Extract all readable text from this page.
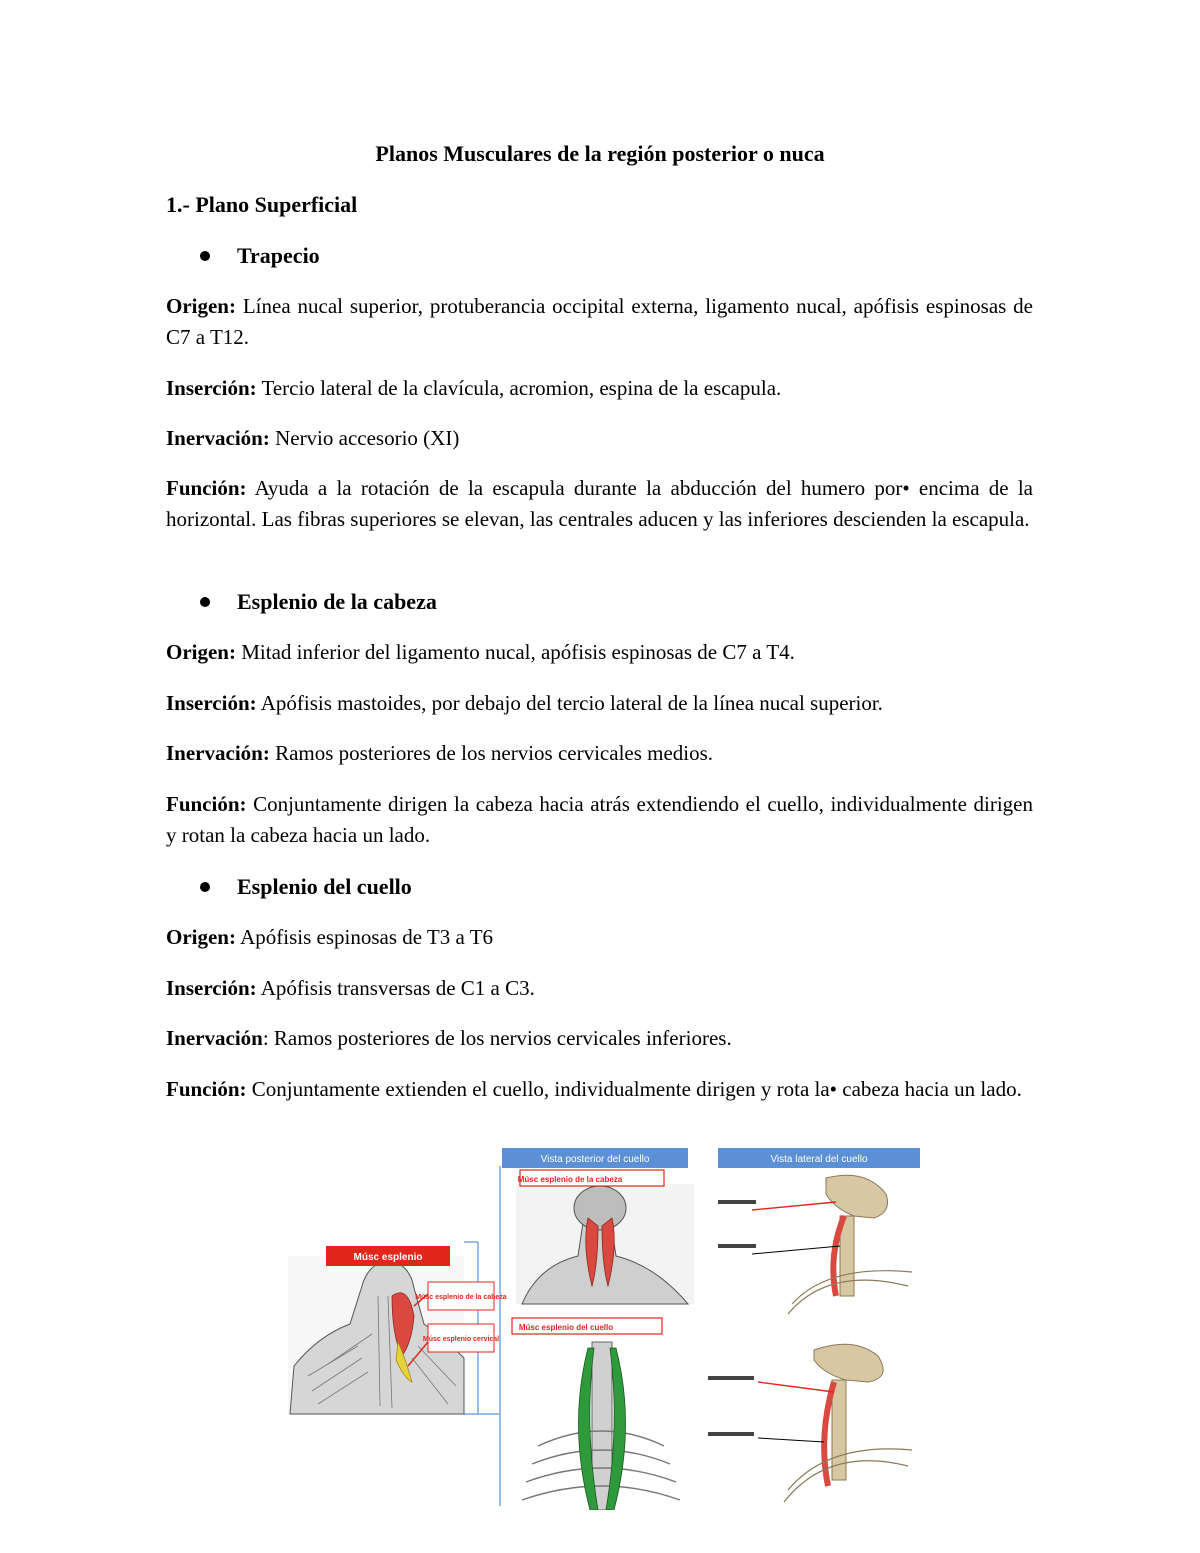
Planos Musculares de la región posterior o nuca
1.- Plano Superficial
Trapecio
Origen: Línea nucal superior, protuberancia occipital externa, ligamento nucal, apófisis espinosas de C7 a T12.
Inserción: Tercio lateral de la clavícula, acromion, espina de la escapula.
Inervación: Nervio accesorio (XI)
Función: Ayuda a la rotación de la escapula durante la abducción del humero por• encima de la horizontal. Las fibras superiores se elevan, las centrales aducen y las inferiores descienden la escapula.
Esplenio de la cabeza
Origen: Mitad inferior del ligamento nucal, apófisis espinosas de C7 a T4.
Inserción: Apófisis mastoides, por debajo del tercio lateral de la línea nucal superior.
Inervación: Ramos posteriores de los nervios cervicales medios.
Función: Conjuntamente dirigen la cabeza hacia atrás extendiendo el cuello, individualmente dirigen y rotan la cabeza hacia un lado.
Esplenio del cuello
Origen: Apófisis espinosas de T3 a T6
Inserción: Apófisis transversas de C1 a C3.
Inervación: Ramos posteriores de los nervios cervicales inferiores.
Función: Conjuntamente extienden el cuello, individualmente dirigen y rota la• cabeza hacia un lado.
Músc esplenio
Músc esplenio de la cabeza
Músc esplenio cervical
Vista posterior del cuello	Vista lateral del cuello
Músc esplenio de la cabeza
Músc esplenio del cuello
